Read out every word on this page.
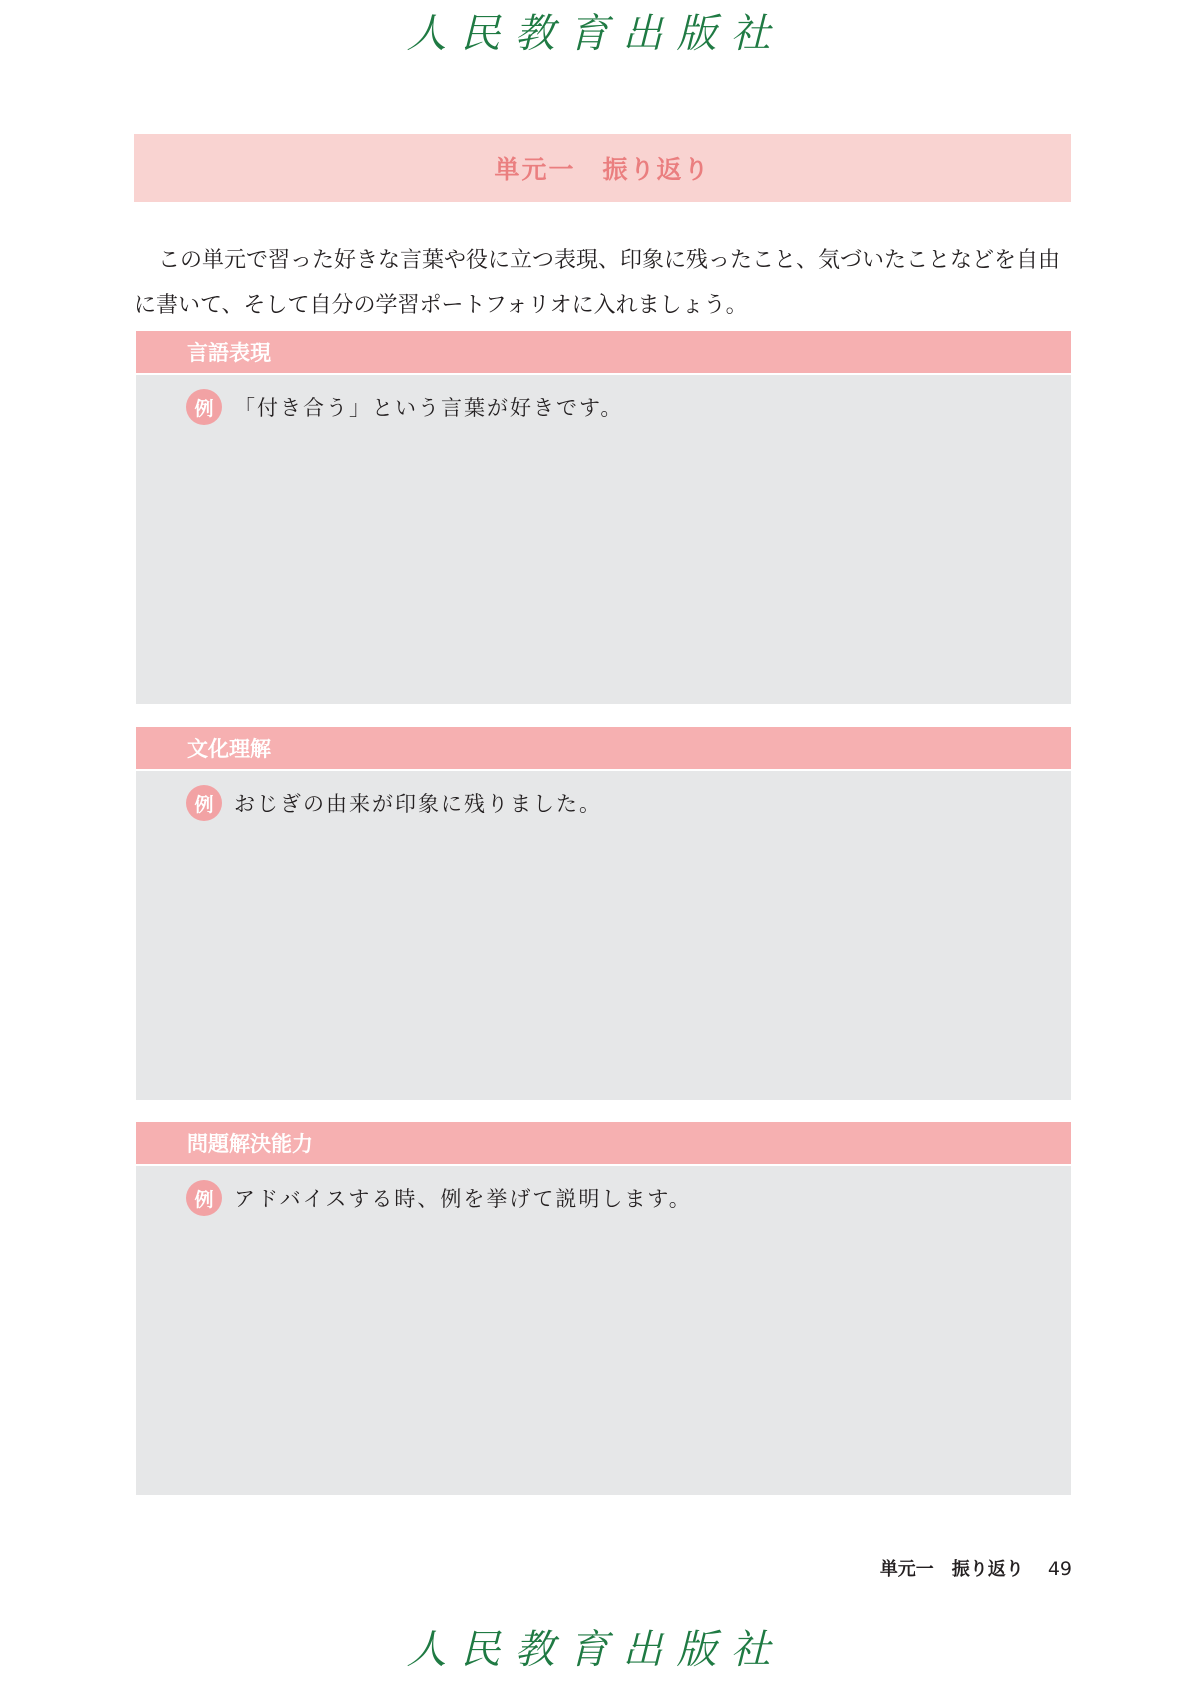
人民教育出版社
単元一　振り返り

この単元で習った好きな言葉や役に立つ表現、印象に残ったこと、気づいたことなどを自由に書いて、そして自分の学習ポートフォリオに入れましょう。

言語表現
例 「付き合う」という言葉が好きです。
文化理解
例 おじぎの由来が印象に残りました。
問題解決能力
例 アドバイスする時、例を挙げて説明します。
単元一　振り返り 49
人民教育出版社
